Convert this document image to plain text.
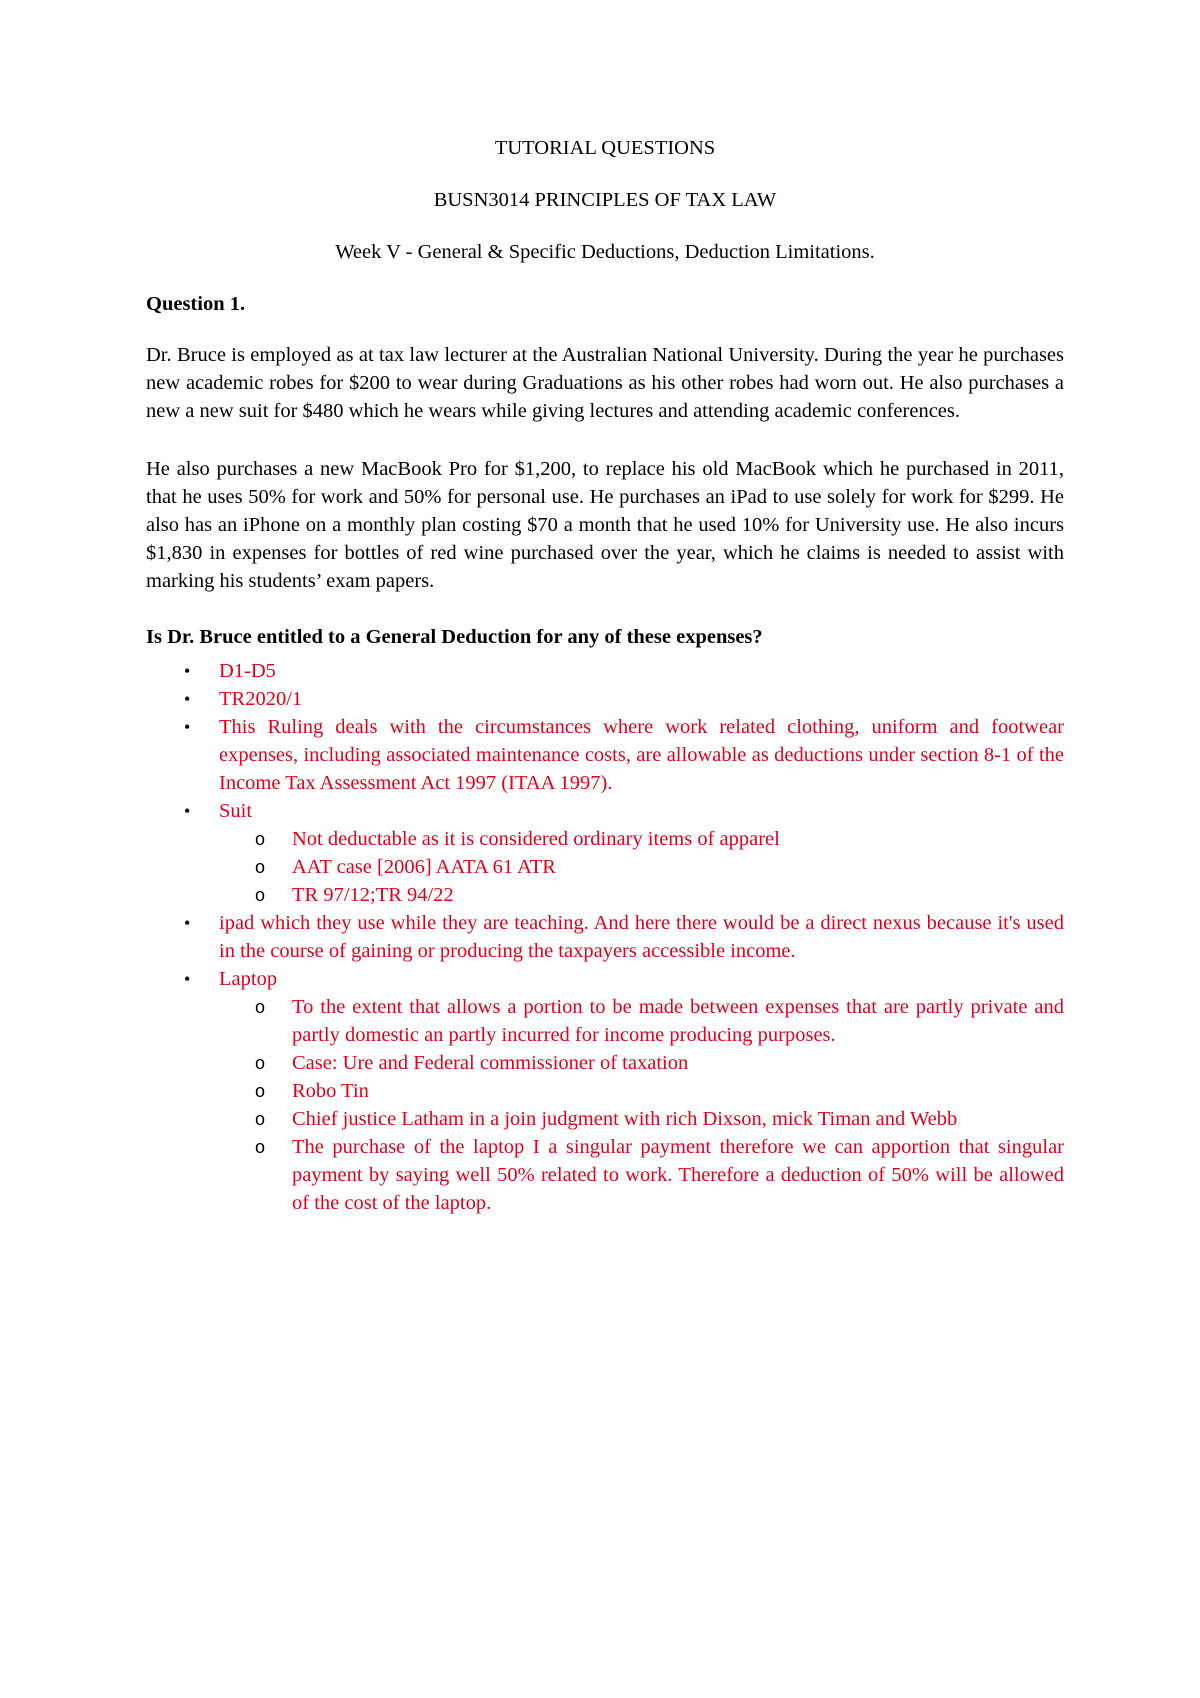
TUTORIAL QUESTIONS
BUSN3014 PRINCIPLES OF TAX LAW
Week V - General & Specific Deductions, Deduction Limitations.
Question 1.
Dr. Bruce is employed as at tax law lecturer at the Australian National University. During the year he purchases new academic robes for $200 to wear during Graduations as his other robes had worn out. He also purchases a new a new suit for $480 which he wears while giving lectures and attending academic conferences.
He also purchases a new MacBook Pro for $1,200, to replace his old MacBook which he purchased in 2011, that he uses 50% for work and 50% for personal use. He purchases an iPad to use solely for work for $299. He also has an iPhone on a monthly plan costing $70 a month that he used 10% for University use. He also incurs $1,830 in expenses for bottles of red wine purchased over the year, which he claims is needed to assist with marking his students’ exam papers.
Is Dr. Bruce entitled to a General Deduction for any of these expenses?
• D1-D5
• TR2020/1
• This Ruling deals with the circumstances where work related clothing, uniform and footwear expenses, including associated maintenance costs, are allowable as deductions under section 8-1 of the Income Tax Assessment Act 1997 (ITAA 1997).
• Suit
o Not deductable as it is considered ordinary items of apparel
o AAT case [2006] AATA 61 ATR
o TR 97/12;TR 94/22
• ipad which they use while they are teaching. And here there would be a direct nexus because it's used in the course of gaining or producing the taxpayers accessible income.
• Laptop
o To the extent that allows a portion to be made between expenses that are partly private and partly domestic an partly incurred for income producing purposes.
o Case: Ure and Federal commissioner of taxation
o Robo Tin
o Chief justice Latham in a join judgment with rich Dixson, mick Timan and Webb
o The purchase of the laptop I a singular payment therefore we can apportion that singular payment by saying well 50% related to work. Therefore a deduction of 50% will be allowed of the cost of the laptop.
